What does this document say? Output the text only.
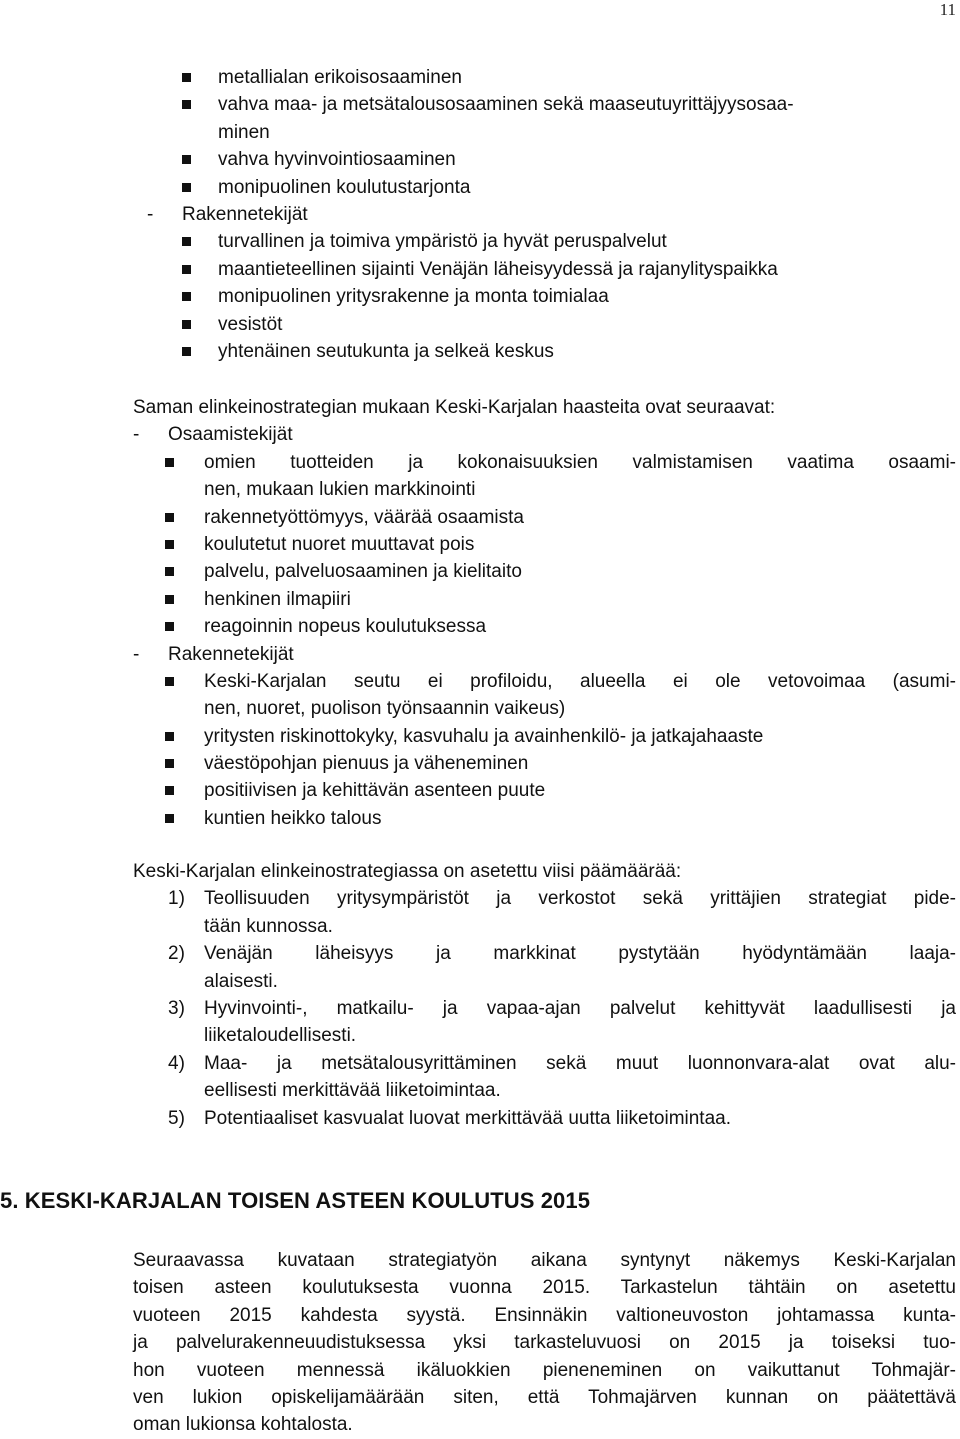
11
metallialan erikoisosaaminen
vahva maa- ja metsätalousosaaminen sekä maaseutuyrittäjyysosaa-
minen
vahva hyvinvointiosaaminen
monipuolinen koulutustarjonta
- Rakennetekijät
turvallinen ja toimiva ympäristö ja hyvät peruspalvelut
maantieteellinen sijainti Venäjän läheisyydessä ja rajanylityspaikka
monipuolinen yritysrakenne ja monta toimialaa
vesistöt
yhtenäinen seutukunta ja selkeä keskus
Saman elinkeinostrategian mukaan Keski-Karjalan haasteita ovat seuraavat:
- Osaamistekijät
omien tuotteiden ja kokonaisuuksien valmistamisen vaatima osaami-
nen, mukaan lukien markkinointi
rakennetyöttömyys, väärää osaamista
koulutetut nuoret muuttavat pois
palvelu, palveluosaaminen ja kielitaito
henkinen ilmapiiri
reagoinnin nopeus koulutuksessa
- Rakennetekijät
Keski-Karjalan seutu ei profiloidu, alueella ei ole vetovoimaa (asumi-
nen, nuoret, puolison työnsaannin vaikeus)
yritysten riskinottokyky, kasvuhalu ja avainhenkilö- ja jatkajahaaste
väestöpohjan pienuus ja väheneminen
positiivisen ja kehittävän asenteen puute
kuntien heikko talous
Keski-Karjalan elinkeinostrategiassa on asetettu viisi päämäärää:
1) Teollisuuden yritysympäristöt ja verkostot sekä yrittäjien strategiat pide-
tään kunnossa.
2) Venäjän läheisyys ja markkinat pystytään hyödyntämään laaja-
alaisesti.
3) Hyvinvointi-, matkailu- ja vapaa-ajan palvelut kehittyvät laadullisesti ja
liiketaloudellisesti.
4) Maa- ja metsätalousyrittäminen sekä muut luonnonvara-alat ovat alu-
eellisesti merkittävää liiketoimintaa.
5) Potentiaaliset kasvualat luovat merkittävää uutta liiketoimintaa.
5. KESKI-KARJALAN TOISEN ASTEEN KOULUTUS 2015
Seuraavassa kuvataan strategiatyön aikana syntynyt näkemys Keski-Karjalan
toisen asteen koulutuksesta vuonna 2015. Tarkastelun tähtäin on asetettu
vuoteen 2015 kahdesta syystä. Ensinnäkin valtioneuvoston johtamassa kunta-
ja palvelurakenneuudistuksessa yksi tarkasteluvuosi on 2015 ja toiseksi tuo-
hon vuoteen mennessä ikäluokkien pieneneminen on vaikuttanut Tohmajär-
ven lukion opiskelijamäärään siten, että Tohmajärven kunnan on päätettävä
oman lukionsa kohtalosta.
